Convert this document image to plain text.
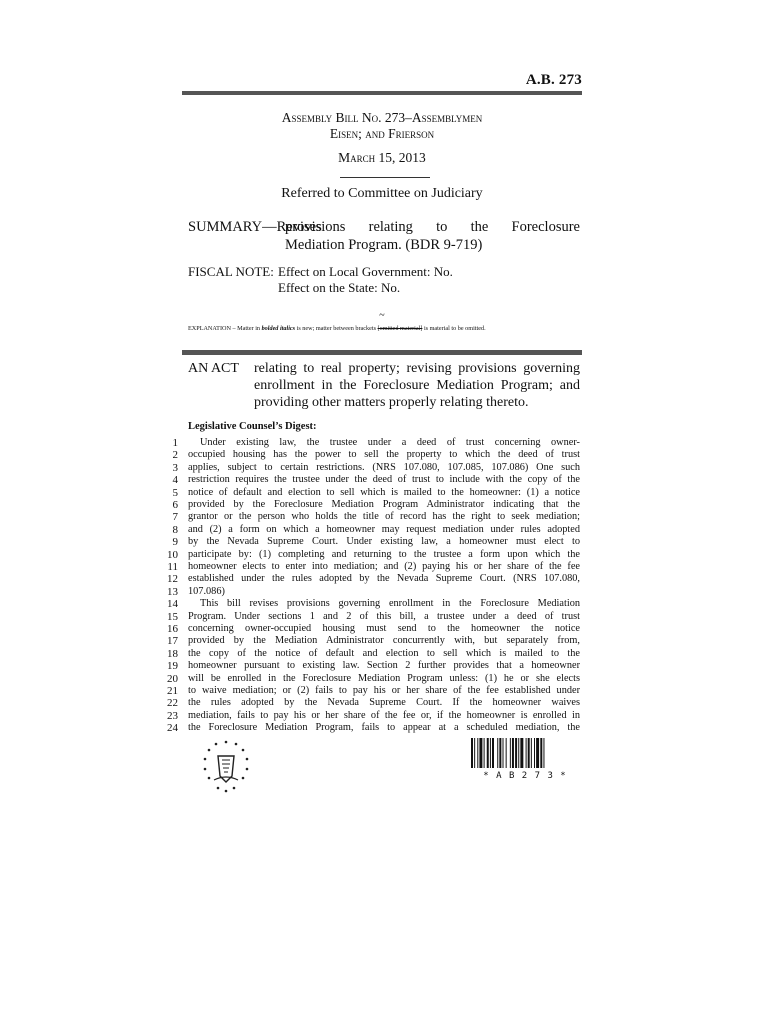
A.B. 273
Assembly Bill No. 273–Assemblymen
Eisen; and Frierson
March 15, 2013
Referred to Committee on Judiciary
SUMMARY—Revises
provisions relating to the Foreclosure
Mediation Program. (BDR 9-719)
FISCAL NOTE: Effect on Local Government: No.
Effect on the State: No.
~
EXPLANATION – Matter in bolded italics is new; matter between brackets [omitted material] is material to be omitted.
AN ACT relating to real property; revising provisions governing
enrollment in the Foreclosure Mediation Program; and
providing other matters properly relating thereto.
Legislative Counsel’s Digest:
1 Under existing law, the trustee under a deed of trust concerning owner-
2 occupied housing has the power to sell the property to which the deed of trust
3 applies, subject to certain restrictions. (NRS 107.080, 107.085, 107.086) One such
4 restriction requires the trustee under the deed of trust to include with the copy of the
5 notice of default and election to sell which is mailed to the homeowner: (1) a notice
6 provided by the Foreclosure Mediation Program Administrator indicating that the
7 grantor or the person who holds the title of record has the right to seek mediation;
8 and (2) a form on which a homeowner may request mediation under rules adopted
9 by the Nevada Supreme Court. Under existing law, a homeowner must elect to
10 participate by: (1) completing and returning to the trustee a form upon which the
11 homeowner elects to enter into mediation; and (2) paying his or her share of the fee
12 established under the rules adopted by the Nevada Supreme Court. (NRS 107.080,
13 107.086)
14 This bill revises provisions governing enrollment in the Foreclosure Mediation
15 Program. Under sections 1 and 2 of this bill, a trustee under a deed of trust
16 concerning owner-occupied housing must send to the homeowner the notice
17 provided by the Mediation Administrator concurrently with, but separately from,
18 the copy of the notice of default and election to sell which is mailed to the
19 homeowner pursuant to existing law. Section 2 further provides that a homeowner
20 will be enrolled in the Foreclosure Mediation Program unless: (1) he or she elects
21 to waive mediation; or (2) fails to pay his or her share of the fee established under
22 the rules adopted by the Nevada Supreme Court. If the homeowner waives
23 mediation, fails to pay his or her share of the fee or, if the homeowner is enrolled in
24 the Foreclosure Mediation Program, fails to appear at a scheduled mediation, the
* A B 2 7 3 *
